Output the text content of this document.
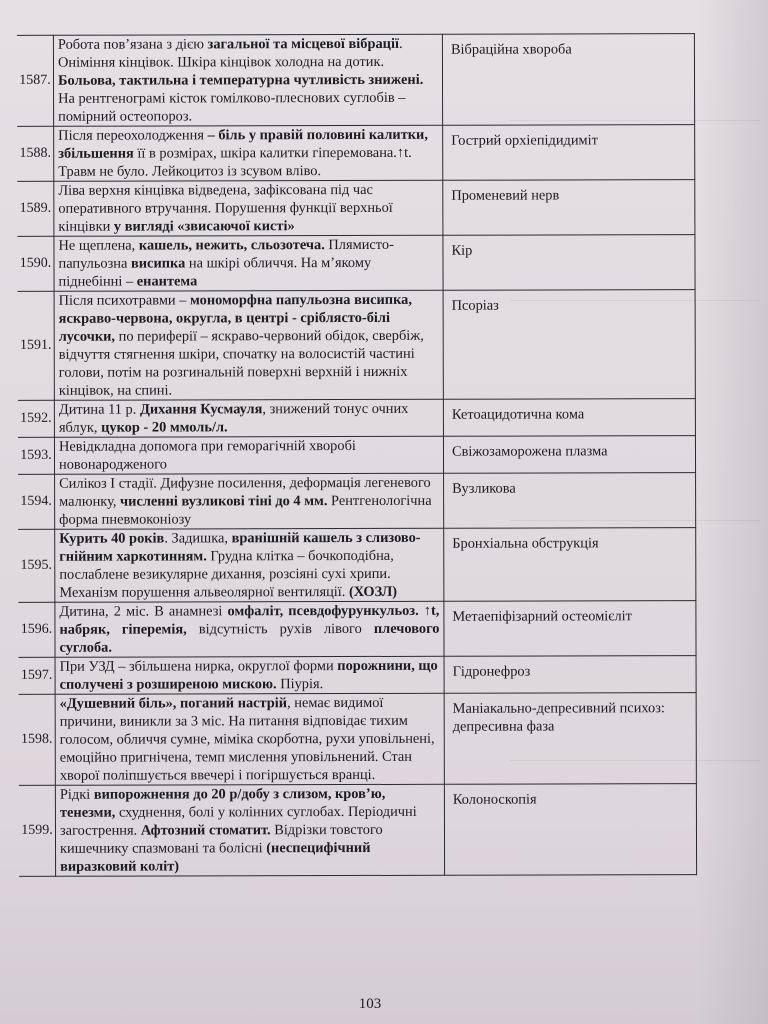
1587.	Робота пов’язана з дією загальної та місцевої вібрації. Оніміння кінцівок. Шкіра кінцівок холодна на дотик. Больова, тактильна і температурна чутливість знижені. На рентгенограмі кісток гомілково-плеснових суглобів – помірний остеопороз.	Вібраційна хвороба
1588.	Після переохолодження – біль у правій половині калитки, збільшення її в розмірах, шкіра калитки гіперемована.↑t. Травм не було. Лейкоцитоз із зсувом вліво.	Гострий орхіепідидиміт
1589.	Ліва верхня кінцівка відведена, зафіксована під час оперативного втручання. Порушення функції верхньої кінцівки у вигляді «звисаючої кисті»	Променевий нерв
1590.	Не щеплена, кашель, нежить, сльозотеча. Плямисто-папульозна висипка на шкірі обличчя. На м’якому піднебінні – енантема	Кір
1591.	Після психотравми – мономорфна папульозна висипка, яскраво-червона, округла, в центрі - сріблясто-білі лусочки, по периферії – яскраво-червоний обідок, свербіж, відчуття стягнення шкіри, спочатку на волосистій частині голови, потім на розгинальній поверхні верхній і нижніх кінцівок, на спині.	Псоріаз
1592.	Дитина 11 р. Дихання Кусмауля, знижений тонус очних яблук, цукор - 20 ммоль/л.	Кетоацидотична кома
1593.	Невідкладна допомога при геморагічній хворобі новонародженого	Свіжозаморожена плазма
1594.	Силікоз І стадії. Дифузне посилення, деформація легеневого малюнку, численні вузликові тіні до 4 мм. Рентгенологічна форма пневмоконіозу	Вузликова
1595.	Курить 40 років. Задишка, вранішній кашель з слизово-гнійним харкотинням. Грудна клітка – бочкоподібна, послаблене везикулярне дихання, розсіяні сухі хрипи. Механізм порушення альвеолярної вентиляції. (ХОЗЛ)	Бронхіальна обструкція
1596.	Дитина, 2 міс. В анамнезі омфаліт, псевдофурункульоз. ↑t, набряк, гіперемія, відсутність рухів лівого плечового суглоба.	Метаепіфізарний остеомієліт
1597.	При УЗД – збільшена нирка, округлої форми порожнини, що сполучені з розширеною мискою. Піурія.	Гідронефроз
1598.	«Душевний біль», поганий настрій, немає видимої причини, виникли за 3 міс. На питання відповідає тихим голосом, обличчя сумне, міміка скорботна, рухи уповільнені, емоційно пригнічена, темп мислення уповільнений. Стан хворої поліпшується ввечері і погіршується вранці.	Маніакально-депресивний психоз: депресивна фаза
1599.	Рідкі випорожнення до 20 р/добу з слизом, кров’ю, тенезми, схуднення, болі у колінних суглобах. Періодичні загострення. Афтозний стоматит. Відрізки товстого кишечнику спазмовані та болісні (неспецифічний виразковий коліт)	Колоноскопія
103
